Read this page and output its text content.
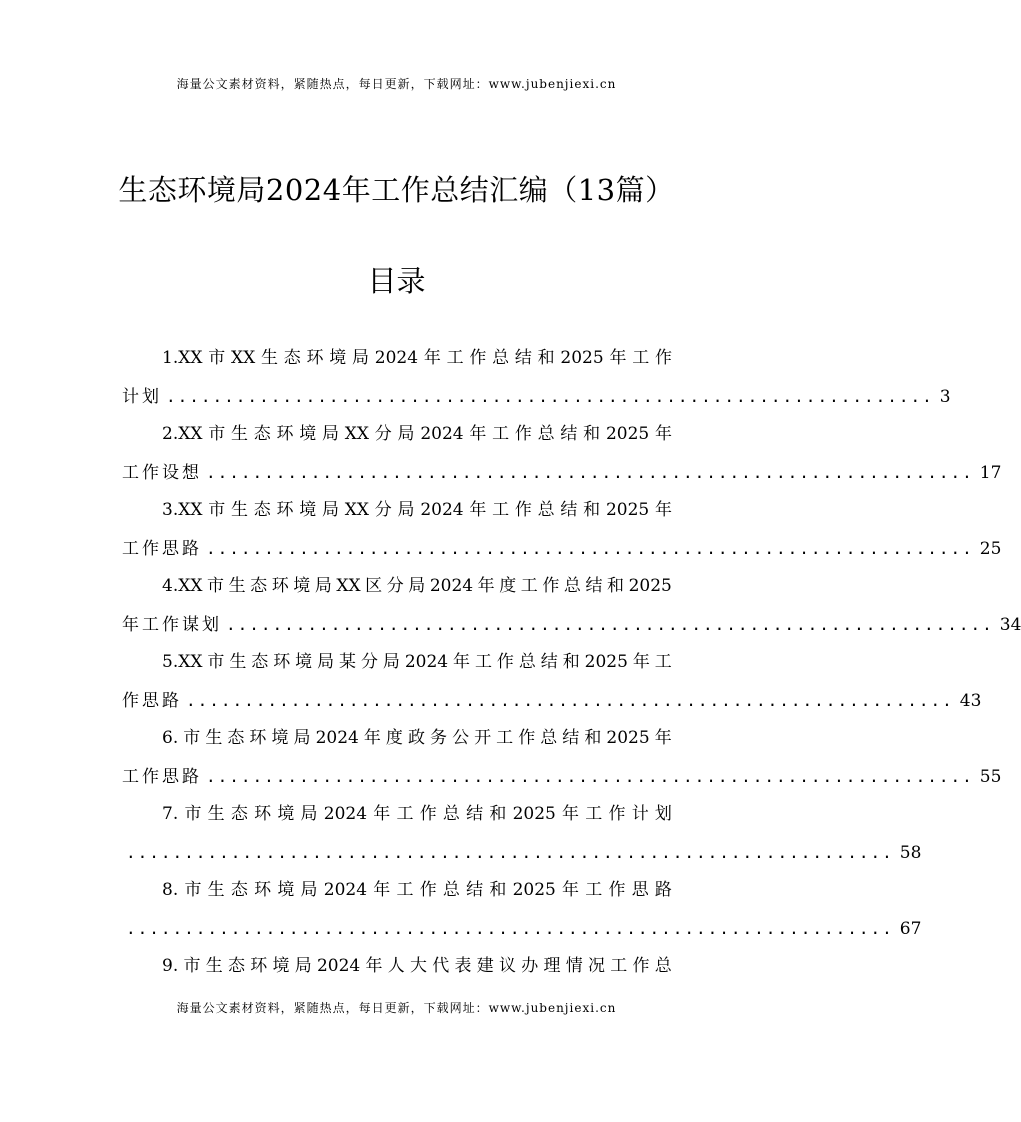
海量公文素材资料，紧随热点，每日更新，下载网址：www.jubenjiexi.cn
生态环境局2024年工作总结汇编（13篇）
目录
1.XX 市 XX 生 态 环 境 局 2024 年 工 作 总 结 和 2025 年 工 作
计划 .................................................................. 3
2.XX 市 生 态 环 境 局 XX 分 局 2024 年 工 作 总 结 和 2025 年
工作设想 .................................................................. 17
3.XX 市 生 态 环 境 局 XX 分 局 2024 年 工 作 总 结 和 2025 年
工作思路 .................................................................. 25
4.XX 市 生 态 环 境 局 XX 区 分 局 2024 年 度 工 作 总 结 和 2025
年工作谋划 .................................................................. 34
5.XX 市 生 态 环 境 局 某 分 局 2024 年 工 作 总 结 和 2025 年 工
作思路 .................................................................. 43
6. 市 生 态 环 境 局 2024 年 度 政 务 公 开 工 作 总 结 和 2025 年
工作思路 .................................................................. 55
7. 市 生 态 环 境 局 2024 年 工 作 总 结 和 2025 年 工 作 计 划
.................................................................. 58
8. 市 生 态 环 境 局 2024 年 工 作 总 结 和 2025 年 工 作 思 路
.................................................................. 67
9. 市 生 态 环 境 局 2024 年 人 大 代 表 建 议 办 理 情 况 工 作 总
海量公文素材资料，紧随热点，每日更新，下载网址：www.jubenjiexi.cn
